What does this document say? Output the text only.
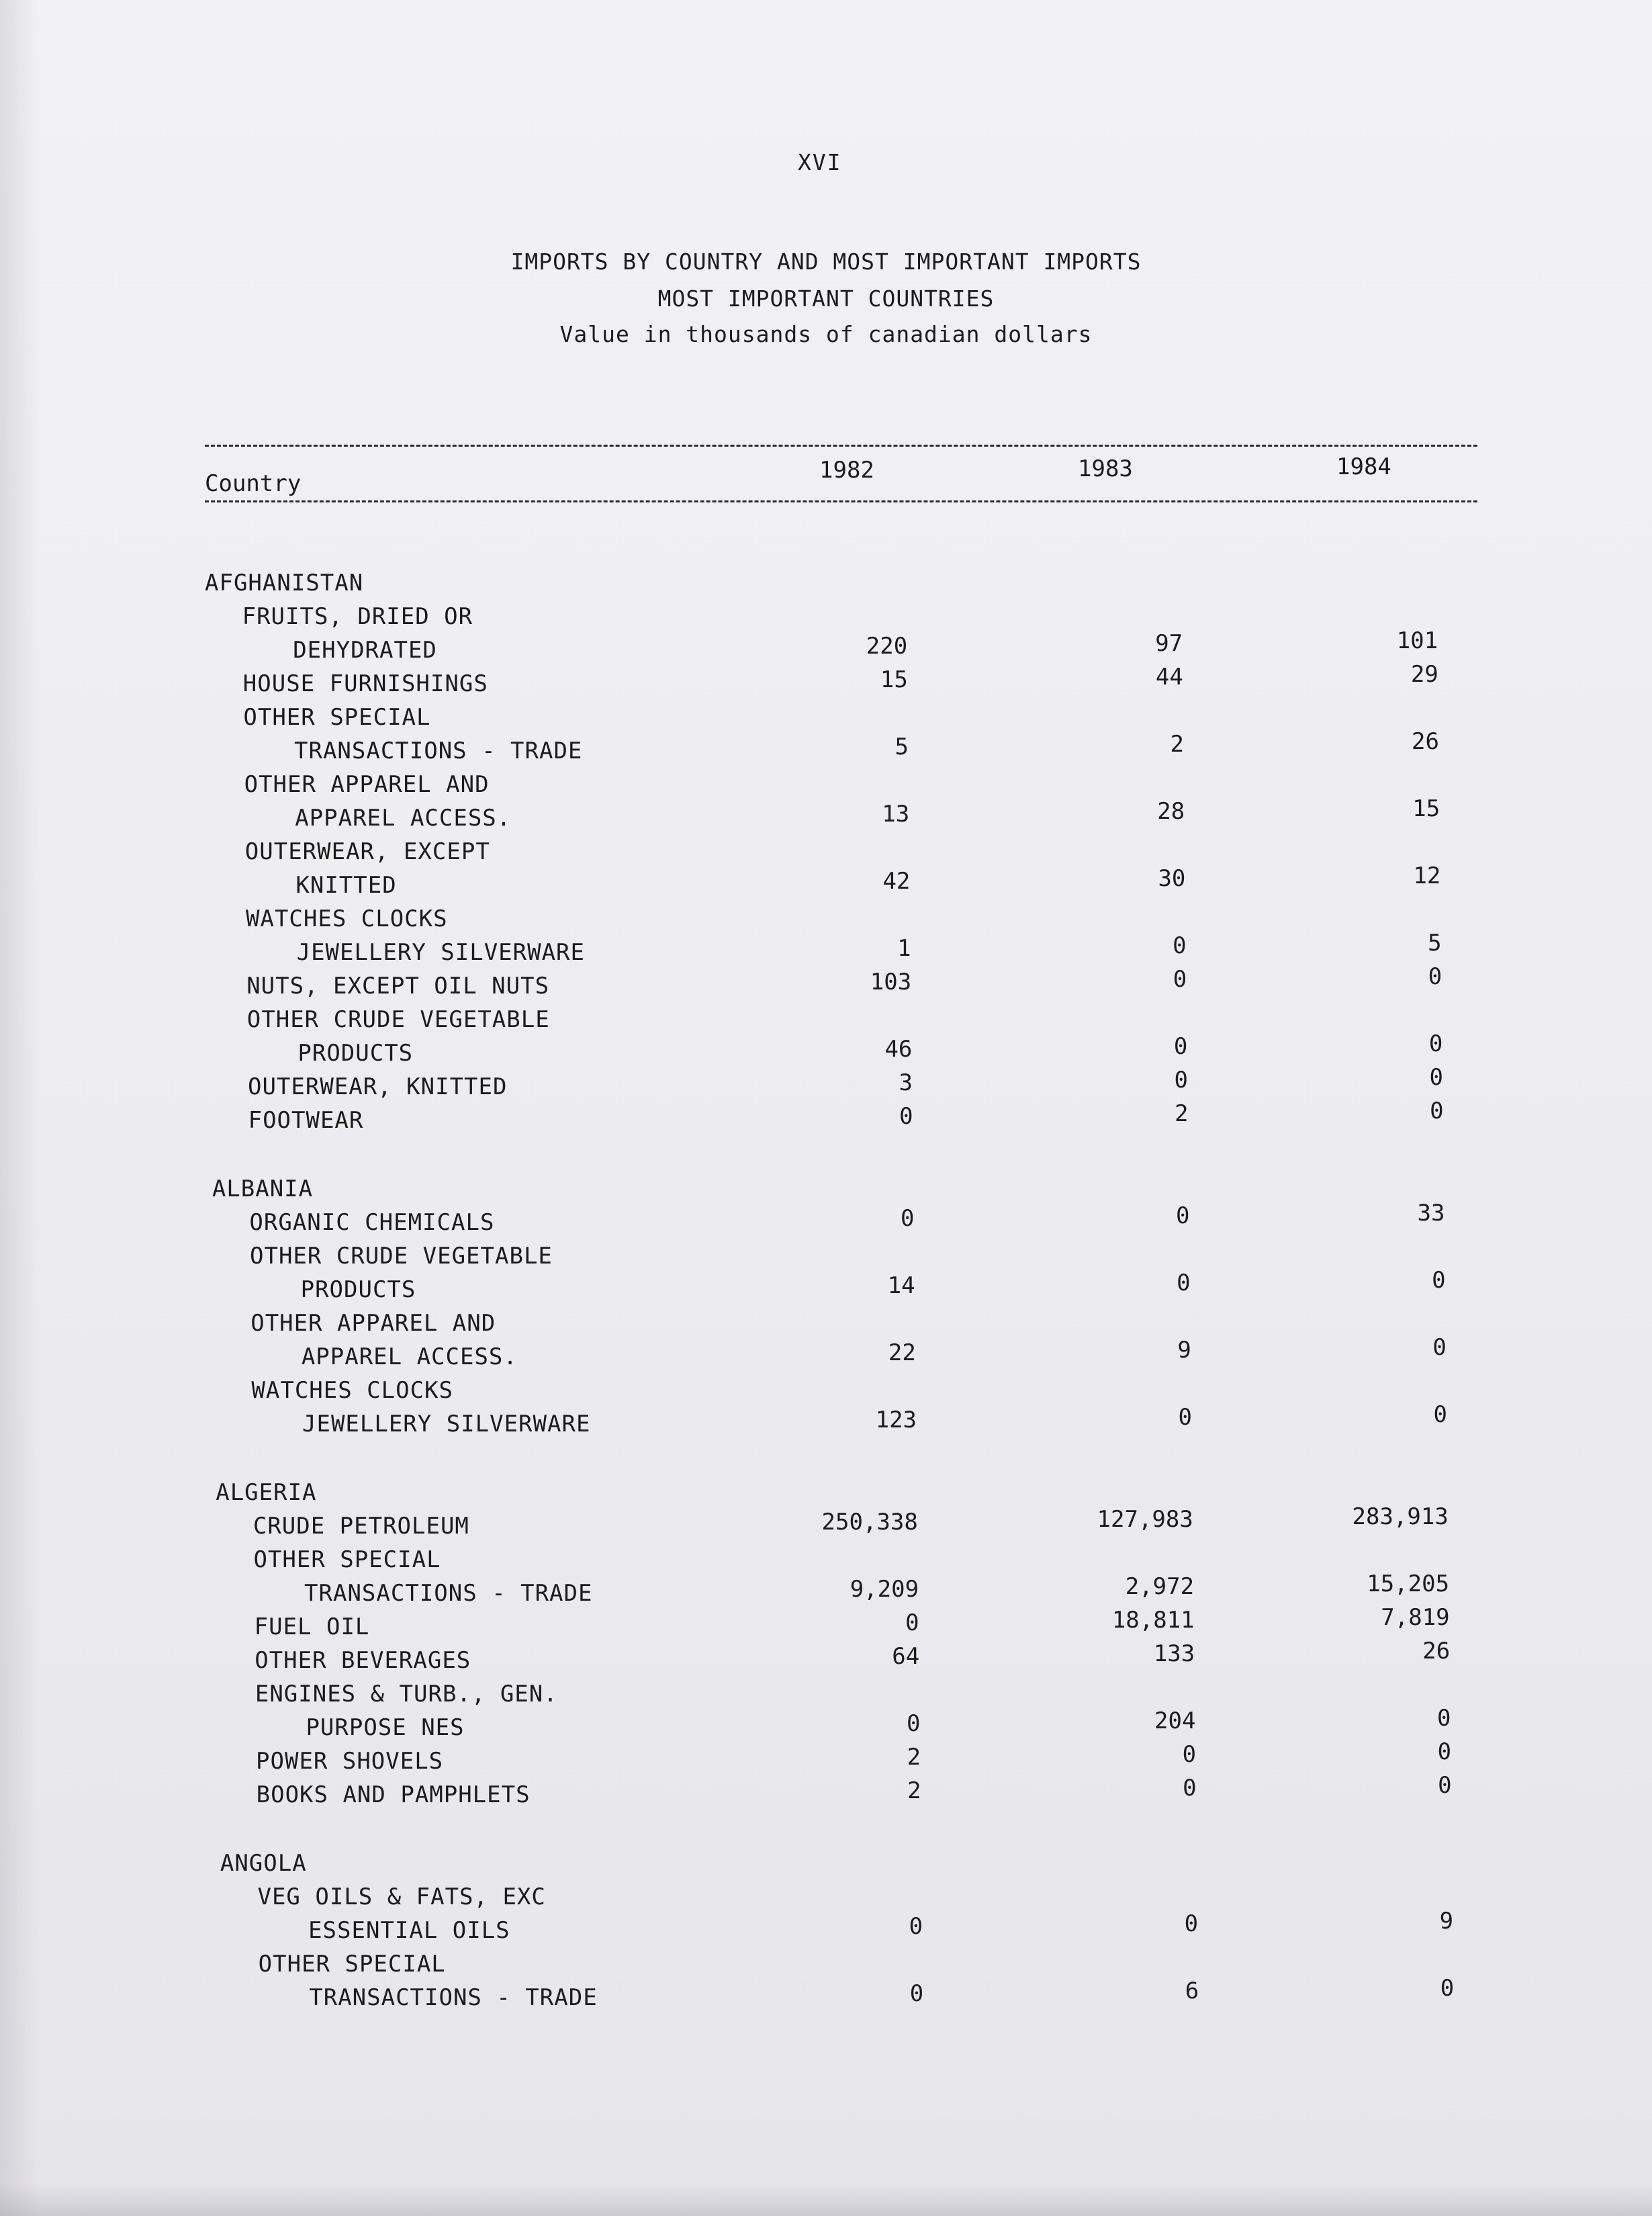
XVI
IMPORTS BY COUNTRY AND MOST IMPORTANT IMPORTS
MOST IMPORTANT COUNTRIES
Value in thousands of canadian dollars
Country	1982	1983	1984
AFGHANISTAN
FRUITS, DRIED OR
DEHYDRATED	220	97	101
HOUSE FURNISHINGS	15	44	29
OTHER SPECIAL
TRANSACTIONS - TRADE	5	2	26
OTHER APPAREL AND
APPAREL ACCESS.	13	28	15
OUTERWEAR, EXCEPT
KNITTED	42	30	12
WATCHES CLOCKS
JEWELLERY SILVERWARE	1	0	5
NUTS, EXCEPT OIL NUTS	103	0	0
OTHER CRUDE VEGETABLE
PRODUCTS	46	0	0
OUTERWEAR, KNITTED	3	0	0
FOOTWEAR	0	2	0
ALBANIA
ORGANIC CHEMICALS	0	0	33
OTHER CRUDE VEGETABLE
PRODUCTS	14	0	0
OTHER APPAREL AND
APPAREL ACCESS.	22	9	0
WATCHES CLOCKS
JEWELLERY SILVERWARE	123	0	0
ALGERIA
CRUDE PETROLEUM	250,338	127,983	283,913
OTHER SPECIAL
TRANSACTIONS - TRADE	9,209	2,972	15,205
FUEL OIL	0	18,811	7,819
OTHER BEVERAGES	64	133	26
ENGINES & TURB., GEN.
PURPOSE NES	0	204	0
POWER SHOVELS	2	0	0
BOOKS AND PAMPHLETS	2	0	0
ANGOLA
VEG OILS & FATS, EXC
ESSENTIAL OILS	0	0	9
OTHER SPECIAL
TRANSACTIONS - TRADE	0	6	0
